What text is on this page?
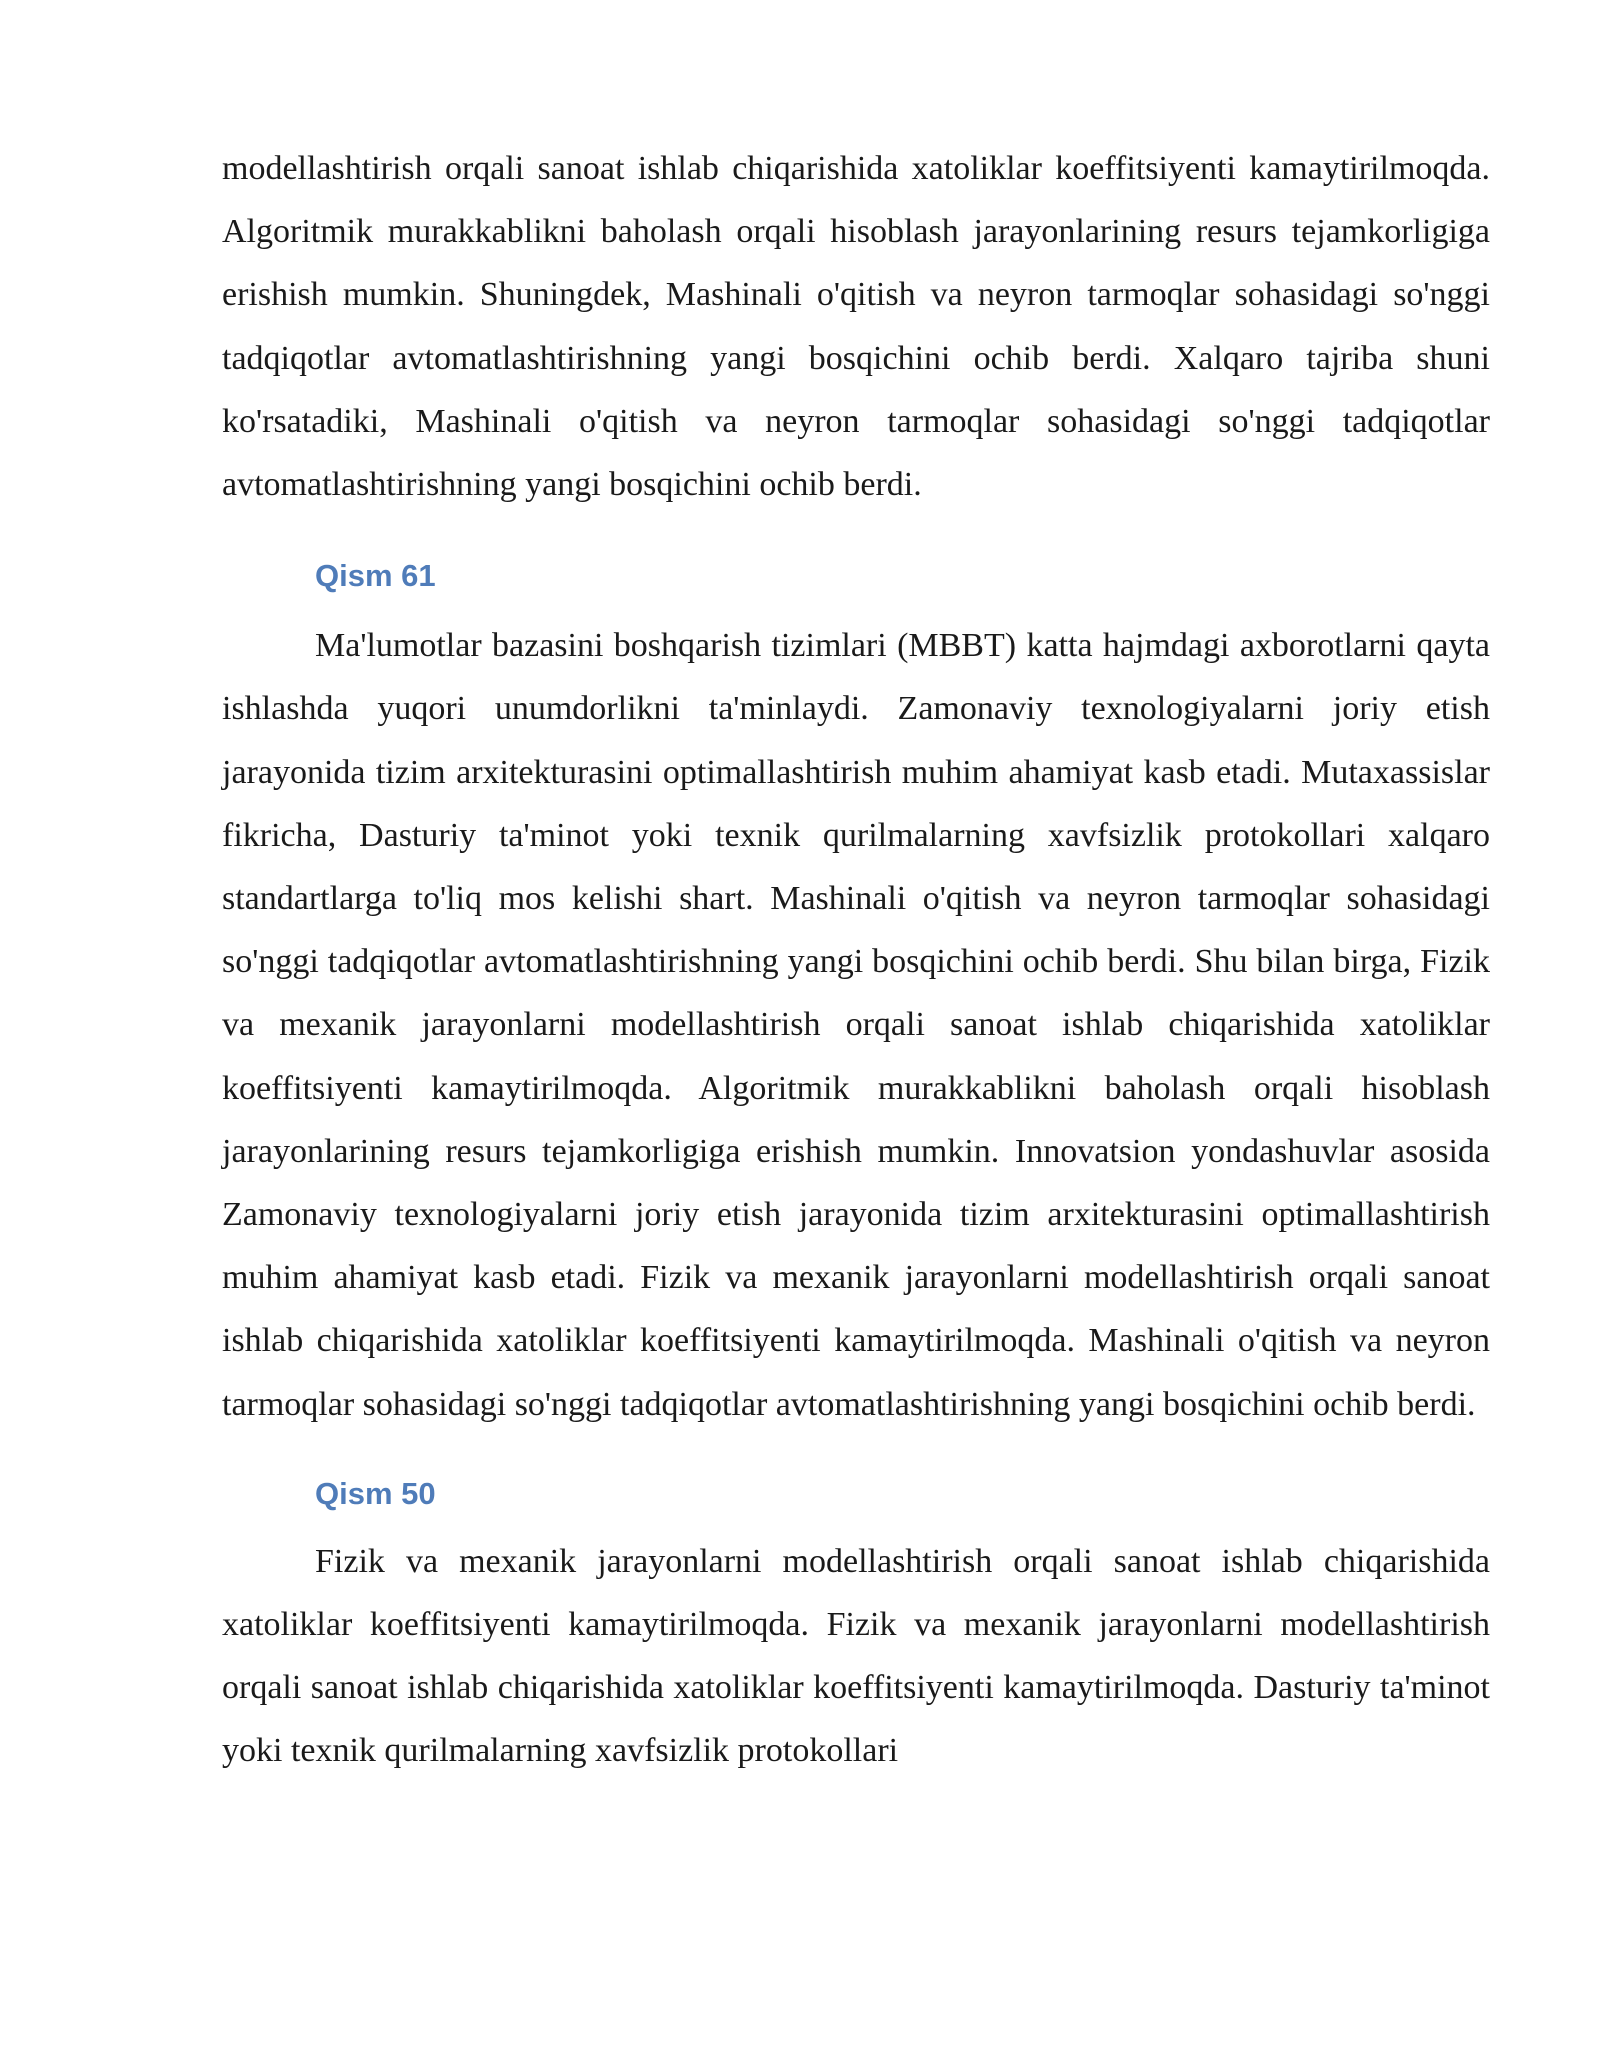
modellashtirish orqali sanoat ishlab chiqarishida xatoliklar koeffitsiyenti kamaytirilmoqda. Algoritmik murakkablikni baholash orqali hisoblash jarayonlarining resurs tejamkorligiga erishish mumkin. Shuningdek, Mashinali o'qitish va neyron tarmoqlar sohasidagi so'nggi tadqiqotlar avtomatlashtirishning yangi bosqichini ochib berdi. Xalqaro tajriba shuni ko'rsatadiki, Mashinali o'qitish va neyron tarmoqlar sohasidagi so'nggi tadqiqotlar avtomatlashtirishning yangi bosqichini ochib berdi.

Qism 61

Ma'lumotlar bazasini boshqarish tizimlari (MBBT) katta hajmdagi axborotlarni qayta ishlashda yuqori unumdorlikni ta'minlaydi. Zamonaviy texnologiyalarni joriy etish jarayonida tizim arxitekturasini optimallashtirish muhim ahamiyat kasb etadi. Mutaxassislar fikricha, Dasturiy ta'minot yoki texnik qurilmalarning xavfsizlik protokollari xalqaro standartlarga to'liq mos kelishi shart. Mashinali o'qitish va neyron tarmoqlar sohasidagi so'nggi tadqiqotlar avtomatlashtirishning yangi bosqichini ochib berdi. Shu bilan birga, Fizik va mexanik jarayonlarni modellashtirish orqali sanoat ishlab chiqarishida xatoliklar koeffitsiyenti kamaytirilmoqda. Algoritmik murakkablikni baholash orqali hisoblash jarayonlarining resurs tejamkorligiga erishish mumkin. Innovatsion yondashuvlar asosida Zamonaviy texnologiyalarni joriy etish jarayonida tizim arxitekturasini optimallashtirish muhim ahamiyat kasb etadi. Fizik va mexanik jarayonlarni modellashtirish orqali sanoat ishlab chiqarishida xatoliklar koeffitsiyenti kamaytirilmoqda. Mashinali o'qitish va neyron tarmoqlar sohasidagi so'nggi tadqiqotlar avtomatlashtirishning yangi bosqichini ochib berdi.

Qism 50

Fizik va mexanik jarayonlarni modellashtirish orqali sanoat ishlab chiqarishida xatoliklar koeffitsiyenti kamaytirilmoqda. Fizik va mexanik jarayonlarni modellashtirish orqali sanoat ishlab chiqarishida xatoliklar koeffitsiyenti kamaytirilmoqda. Dasturiy ta'minot yoki texnik qurilmalarning xavfsizlik protokollari
